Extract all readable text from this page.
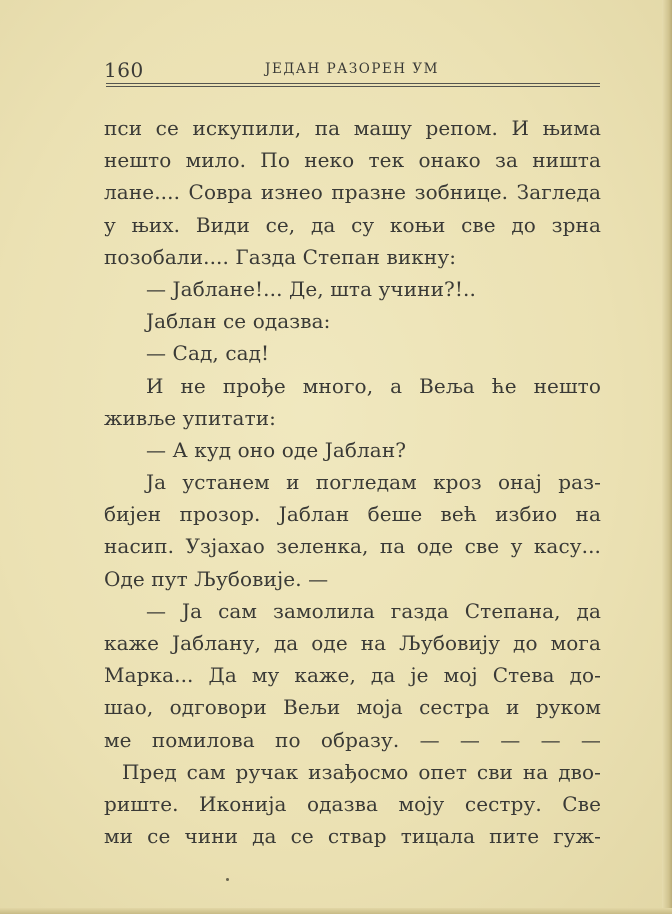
160	ЈЕДАН РАЗОРЕН УМ
пси се искупили, па машу репом. И њима
нешто мило. По неко тек онако за ништа
лане.... Совра изнео празне зобнице. Загледа
у њих. Види се, да су коњи све до зрна
позобали.... Газда Степан викну:
— Јаблане!... Де, шта учини?!..
Јаблан се одазва:
— Сад, сад!
И не прође много, а Веља ће нешто
живље упитати:
— А куд оно оде Јаблан?
Ја устанем и погледам кроз онај раз-
бијен прозор. Јаблан беше већ избио на
насип. Узјахао зеленка, па оде све у касу...
Оде пут Љубовије. —
— Ја сам замолила газда Степана, да
каже Јаблану, да оде на Љубовију до мога
Марка... Да му каже, да је мој Стева до-
шао, одговори Вељи моја сестра и руком
ме помилова по образу. — — — — —
Пред сам ручак изађосмо опет сви на дво-
риште. Иконија одазва моју сестру. Све
ми се чини да се ствар тицала пите гуж-
